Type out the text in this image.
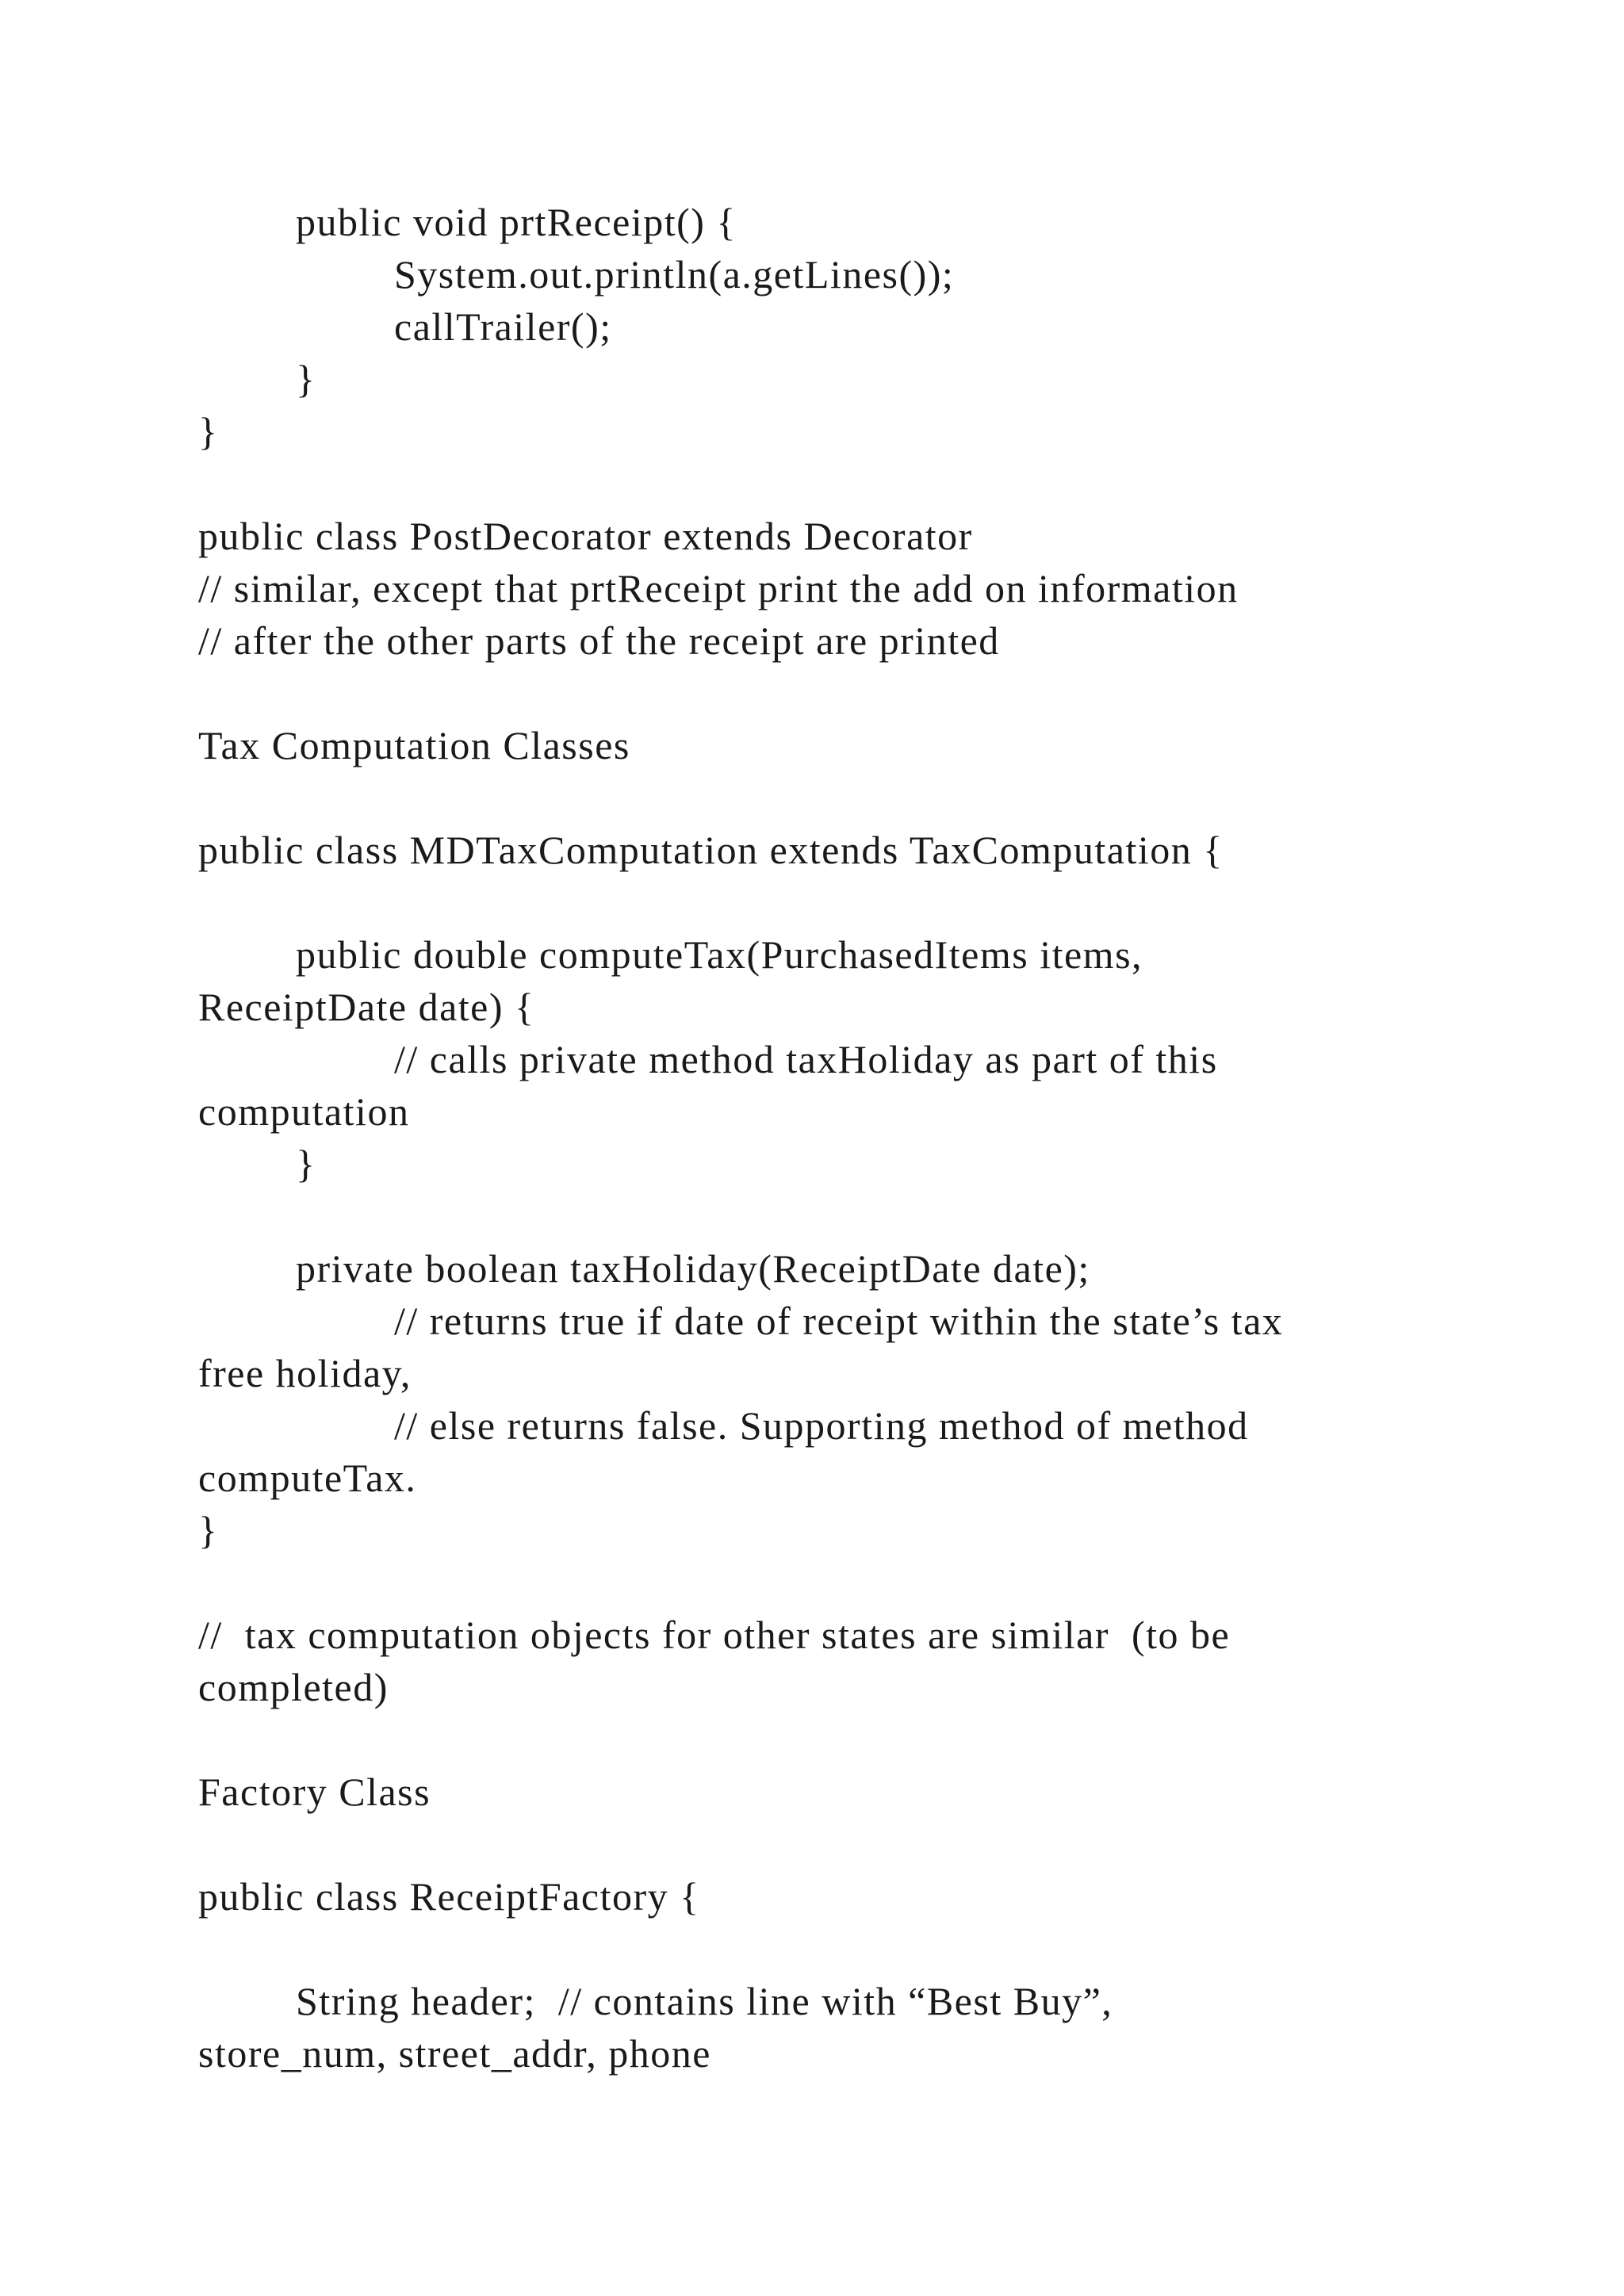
public void prtReceipt() {
System.out.println(a.getLines());
callTrailer();
}
}
public class PostDecorator extends Decorator
// similar, except that prtReceipt print the add on information
// after the other parts of the receipt are printed
Tax Computation Classes
public class MDTaxComputation extends TaxComputation {
public double computeTax(PurchasedItems items,
ReceiptDate date) {
// calls private method taxHoliday as part of this
computation
}
private boolean taxHoliday(ReceiptDate date);
// returns true if date of receipt within the state’s tax
free holiday,
// else returns false. Supporting method of method
computeTax.
}
//  tax computation objects for other states are similar  (to be
completed)
Factory Class
public class ReceiptFactory {
String header;  // contains line with “Best Buy”,
store_num, street_addr, phone
